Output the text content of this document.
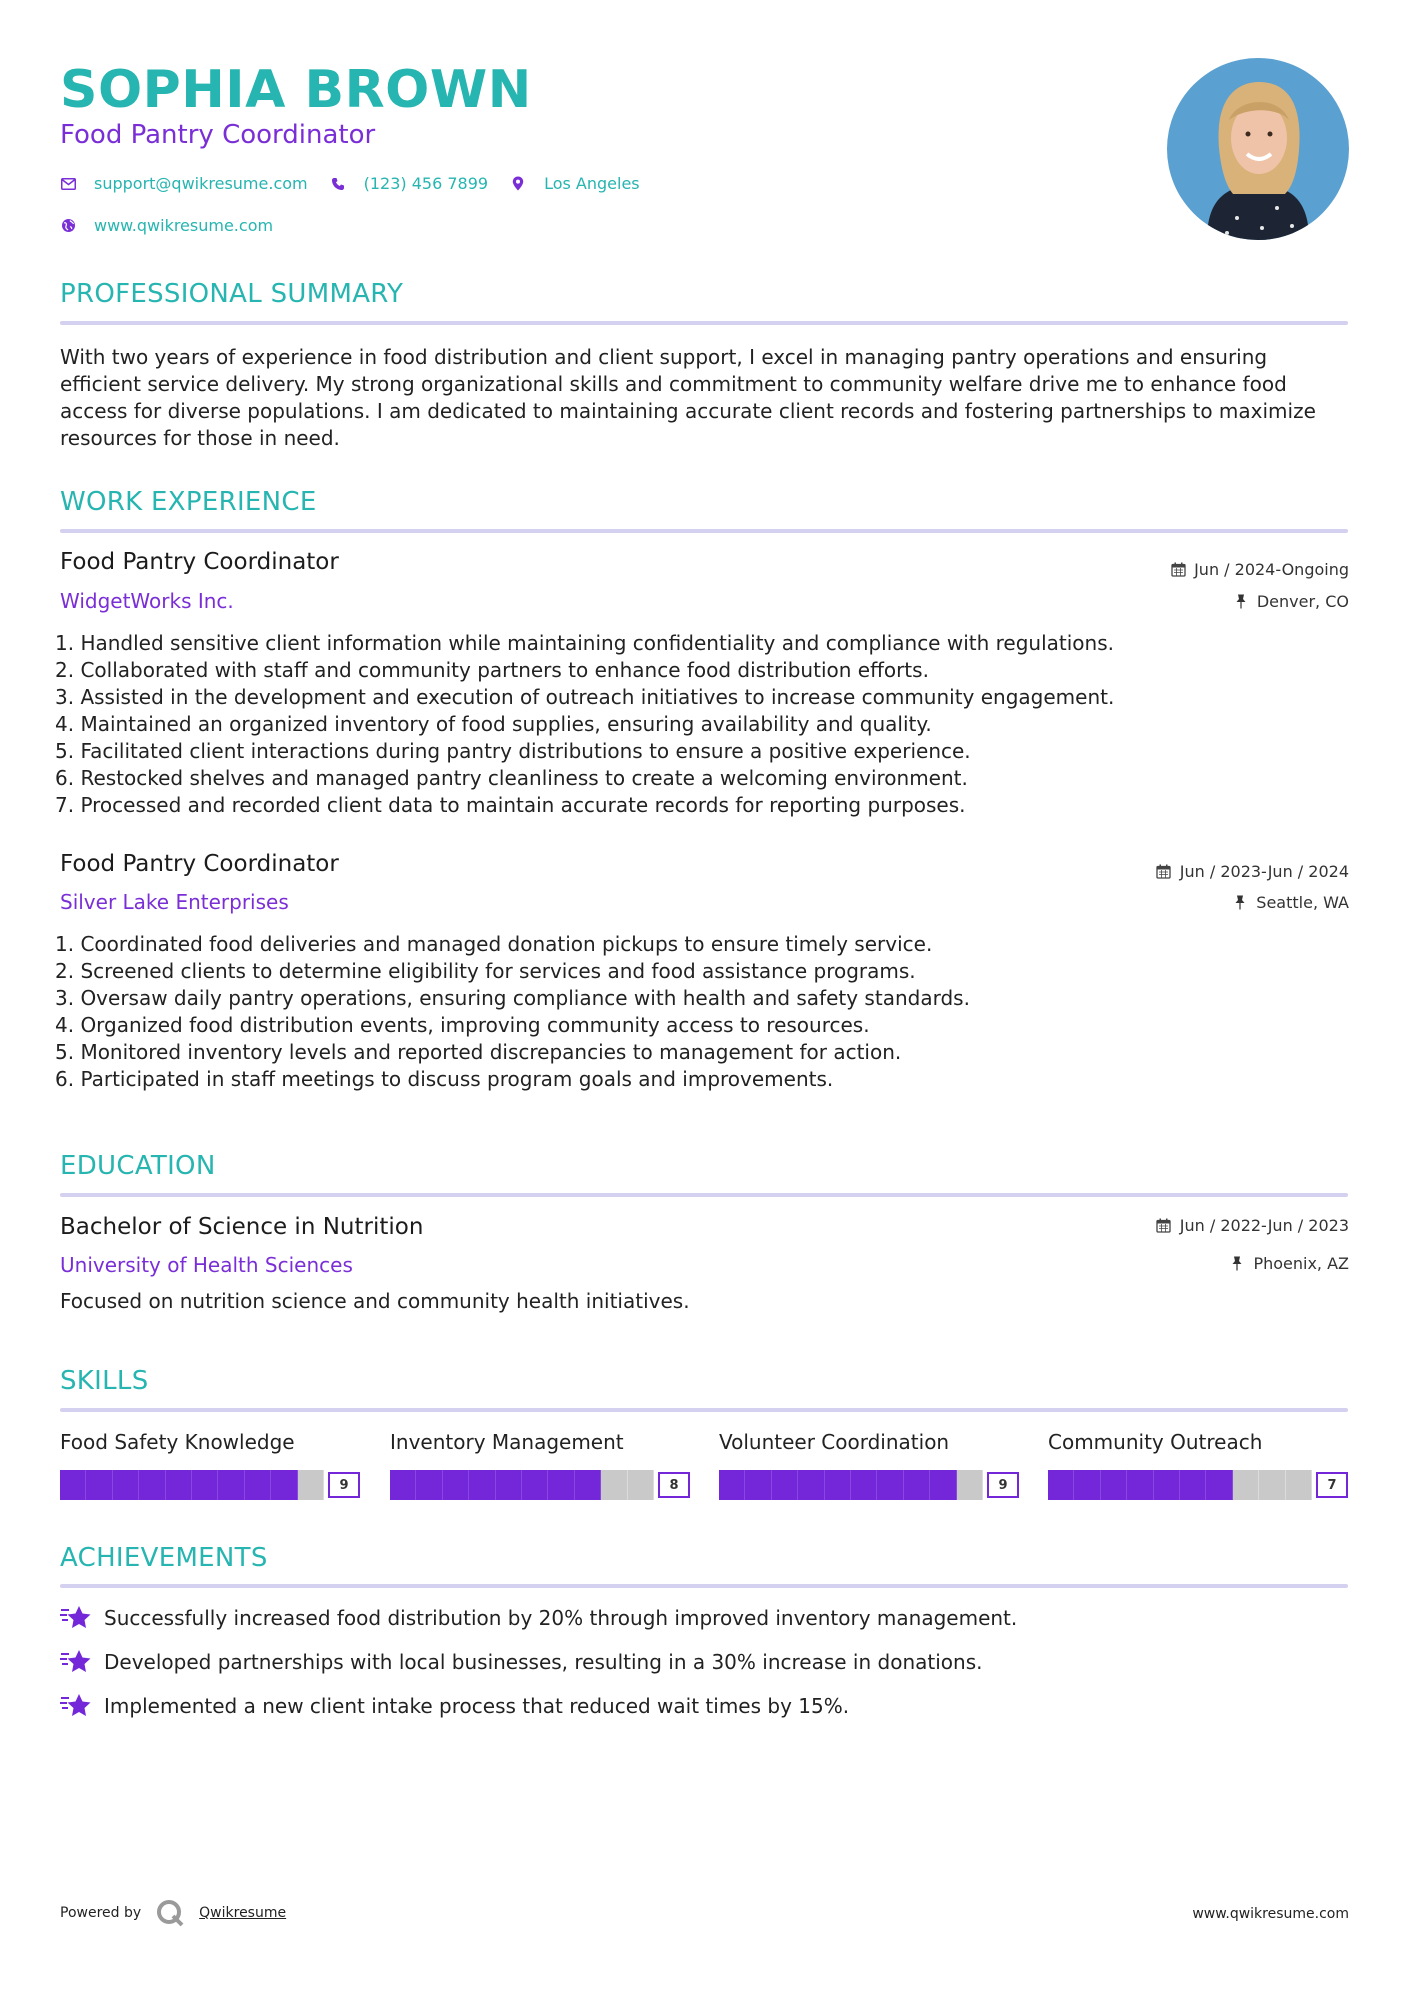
SOPHIA BROWN
Food Pantry Coordinator
support@qwikresume.com	(123) 456 7899	Los Angeles
www.qwikresume.com
PROFESSIONAL SUMMARY
With two years of experience in food distribution and client support, I excel in managing pantry operations and ensuring efficient service delivery. My strong organizational skills and commitment to community welfare drive me to enhance food access for diverse populations. I am dedicated to maintaining accurate client records and fostering partnerships to maximize resources for those in need.
WORK EXPERIENCE
Food Pantry Coordinator
WidgetWorks Inc.
Jun / 2024-Ongoing
Denver, CO
1. Handled sensitive client information while maintaining confidentiality and compliance with regulations.
2. Collaborated with staff and community partners to enhance food distribution efforts.
3. Assisted in the development and execution of outreach initiatives to increase community engagement.
4. Maintained an organized inventory of food supplies, ensuring availability and quality.
5. Facilitated client interactions during pantry distributions to ensure a positive experience.
6. Restocked shelves and managed pantry cleanliness to create a welcoming environment.
7. Processed and recorded client data to maintain accurate records for reporting purposes.
Food Pantry Coordinator
Silver Lake Enterprises
Jun / 2023-Jun / 2024
Seattle, WA
1. Coordinated food deliveries and managed donation pickups to ensure timely service.
2. Screened clients to determine eligibility for services and food assistance programs.
3. Oversaw daily pantry operations, ensuring compliance with health and safety standards.
4. Organized food distribution events, improving community access to resources.
5. Monitored inventory levels and reported discrepancies to management for action.
6. Participated in staff meetings to discuss program goals and improvements.
EDUCATION
Bachelor of Science in Nutrition
University of Health Sciences
Jun / 2022-Jun / 2023
Phoenix, AZ
Focused on nutrition science and community health initiatives.
SKILLS
Food Safety Knowledge
9
Inventory Management
8
Volunteer Coordination
9
Community Outreach
7
ACHIEVEMENTS
Successfully increased food distribution by 20% through improved inventory management.
Developed partnerships with local businesses, resulting in a 30% increase in donations.
Implemented a new client intake process that reduced wait times by 15%.
Powered by	Qwikresume	www.qwikresume.com
